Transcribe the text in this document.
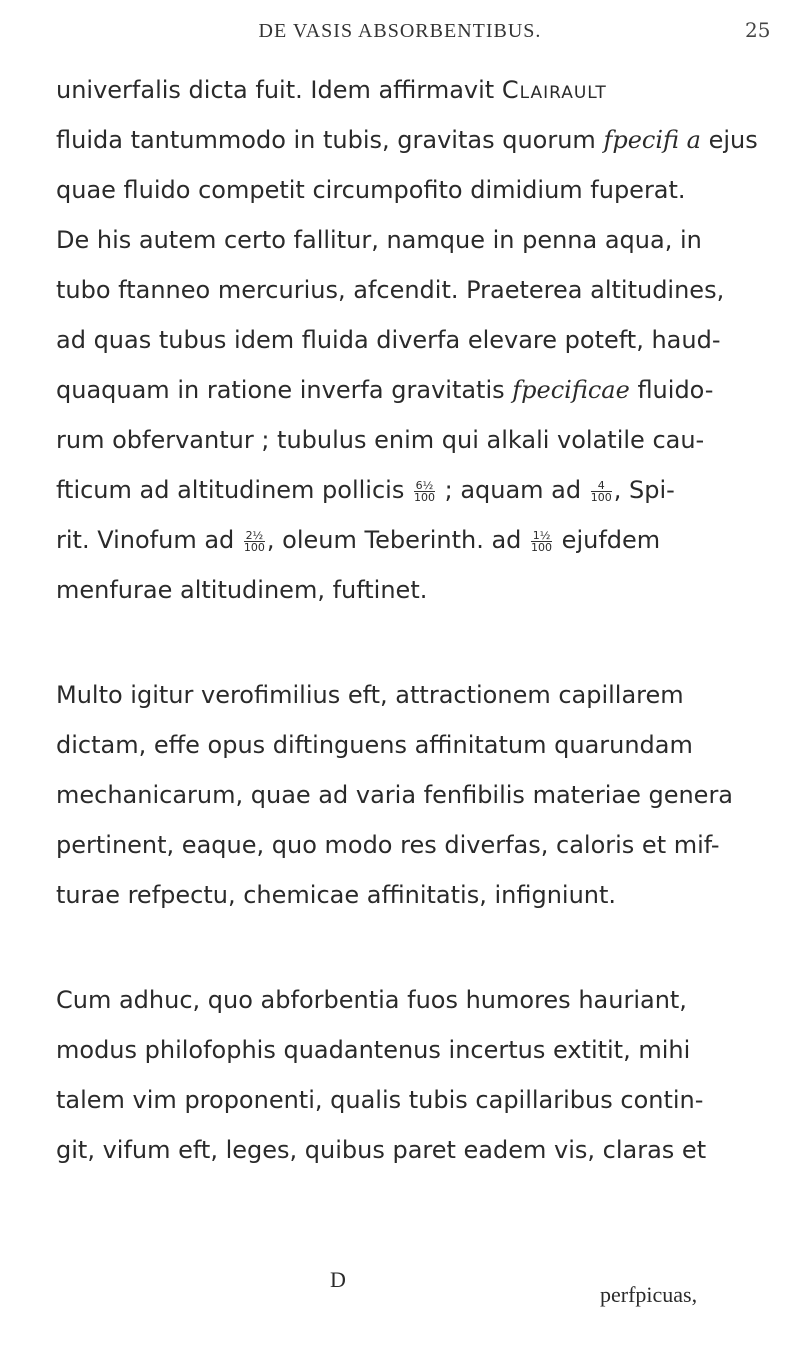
DE VASIS ABSORBENTIBUS.	25
univerfalis dicta fuit. Idem affirmavit Clairault
fluida tantummodo in tubis, gravitas quorum fpecifi a ejus
quae fluido competit circumpofito dimidium fuperat.
De his autem certo fallitur, namque in penna aqua, in
tubo ftanneo mercurius, afcendit. Praeterea altitudines,
ad quas tubus idem fluida diverfa elevare poteft, haud-
quaquam in ratione inverfa gravitatis fpecificae fluido-
rum obfervantur ; tubulus enim qui alkali volatile cau-
fticum ad altitudinem pollicis $\frac{\text{6½}}{100}$ ; aquam ad $\frac{4}{100}$ , Spi-
rit. Vinofum ad $\frac{\text{2½}}{100}$ , oleum Teberinth. ad $\frac{\text{1½}}{100}$ ejufdem
menfurae altitudinem, fuftinet.
Multo igitur verofimilius eft, attractionem capillarem
dictam, effe opus diftinguens affinitatum quarundam
mechanicarum, quae ad varia fenfibilis materiae genera
pertinent, eaque, quo modo res diverfas, caloris et mif-
turae refpectu, chemicae affinitatis, infigniunt.
Cum adhuc, quo abforbentia fuos humores hauriant,
modus philofophis quadantenus incertus extitit, mihi
talem vim proponenti, qualis tubis capillaribus contin-
git, vifum eft, leges, quibus paret eadem vis, claras et
D
perfpicuas,
